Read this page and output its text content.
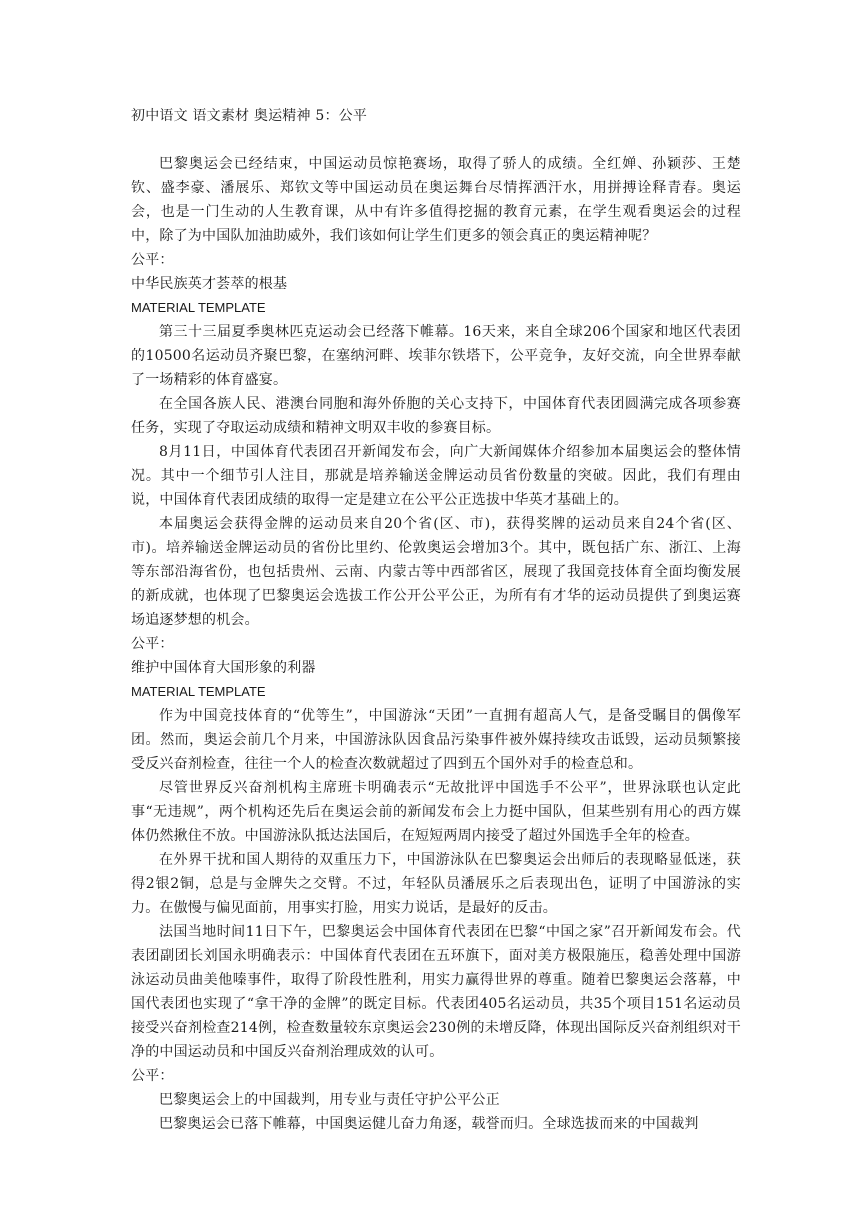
初中语文 语文素材 奥运精神 5：公平

巴黎奥运会已经结束，中国运动员惊艳赛场，取得了骄人的成绩。全红婵、孙颖莎、王楚钦、盛李豪、潘展乐、郑钦文等中国运动员在奥运舞台尽情挥洒汗水，用拼搏诠释青春。奥运会，也是一门生动的人生教育课，从中有许多值得挖掘的教育元素，在学生观看奥运会的过程中，除了为中国队加油助威外，我们该如何让学生们更多的领会真正的奥运精神呢？

公平：

中华民族英才荟萃的根基

MATERIAL TEMPLATE

第三十三届夏季奥林匹克运动会已经落下帷幕。16天来，来自全球206个国家和地区代表团的10500名运动员齐聚巴黎，在塞纳河畔、埃菲尔铁塔下，公平竞争，友好交流，向全世界奉献了一场精彩的体育盛宴。

在全国各族人民、港澳台同胞和海外侨胞的关心支持下，中国体育代表团圆满完成各项参赛任务，实现了夺取运动成绩和精神文明双丰收的参赛目标。

8月11日，中国体育代表团召开新闻发布会，向广大新闻媒体介绍参加本届奥运会的整体情况。其中一个细节引人注目，那就是培养输送金牌运动员省份数量的突破。因此，我们有理由说，中国体育代表团成绩的取得一定是建立在公平公正选拔中华英才基础上的。

本届奥运会获得金牌的运动员来自20个省(区、市)，获得奖牌的运动员来自24个省(区、市)。培养输送金牌运动员的省份比里约、伦敦奥运会增加3个。其中，既包括广东、浙江、上海等东部沿海省份，也包括贵州、云南、内蒙古等中西部省区，展现了我国竞技体育全面均衡发展的新成就，也体现了巴黎奥运会选拔工作公开公平公正，为所有有才华的运动员提供了到奥运赛场追逐梦想的机会。

公平：

维护中国体育大国形象的利器

MATERIAL TEMPLATE

作为中国竞技体育的“优等生”，中国游泳“天团”一直拥有超高人气，是备受瞩目的偶像军团。然而，奥运会前几个月来，中国游泳队因食品污染事件被外媒持续攻击诋毁，运动员频繁接受反兴奋剂检查，往往一个人的检查次数就超过了四到五个国外对手的检查总和。

尽管世界反兴奋剂机构主席班卡明确表示“无故批评中国选手不公平”，世界泳联也认定此事“无违规”，两个机构还先后在奥运会前的新闻发布会上力挺中国队，但某些别有用心的西方媒体仍然揪住不放。中国游泳队抵达法国后，在短短两周内接受了超过外国选手全年的检查。

在外界干扰和国人期待的双重压力下，中国游泳队在巴黎奥运会出师后的表现略显低迷，获得2银2铜，总是与金牌失之交臂。不过，年轻队员潘展乐之后表现出色，证明了中国游泳的实力。在傲慢与偏见面前，用事实打脸，用实力说话，是最好的反击。

法国当地时间11日下午，巴黎奥运会中国体育代表团在巴黎“中国之家”召开新闻发布会。代表团副团长刘国永明确表示：中国体育代表团在五环旗下，面对美方极限施压，稳善处理中国游泳运动员曲美他嗪事件，取得了阶段性胜利，用实力赢得世界的尊重。随着巴黎奥运会落幕，中国代表团也实现了“拿干净的金牌”的既定目标。代表团405名运动员，共35个项目151名运动员接受兴奋剂检查214例，检查数量较东京奥运会230例的未增反降，体现出国际反兴奋剂组织对干净的中国运动员和中国反兴奋剂治理成效的认可。

公平：

巴黎奥运会上的中国裁判，用专业与责任守护公平公正

巴黎奥运会已落下帷幕，中国奥运健儿奋力角逐，载誉而归。全球选拔而来的中国裁判
